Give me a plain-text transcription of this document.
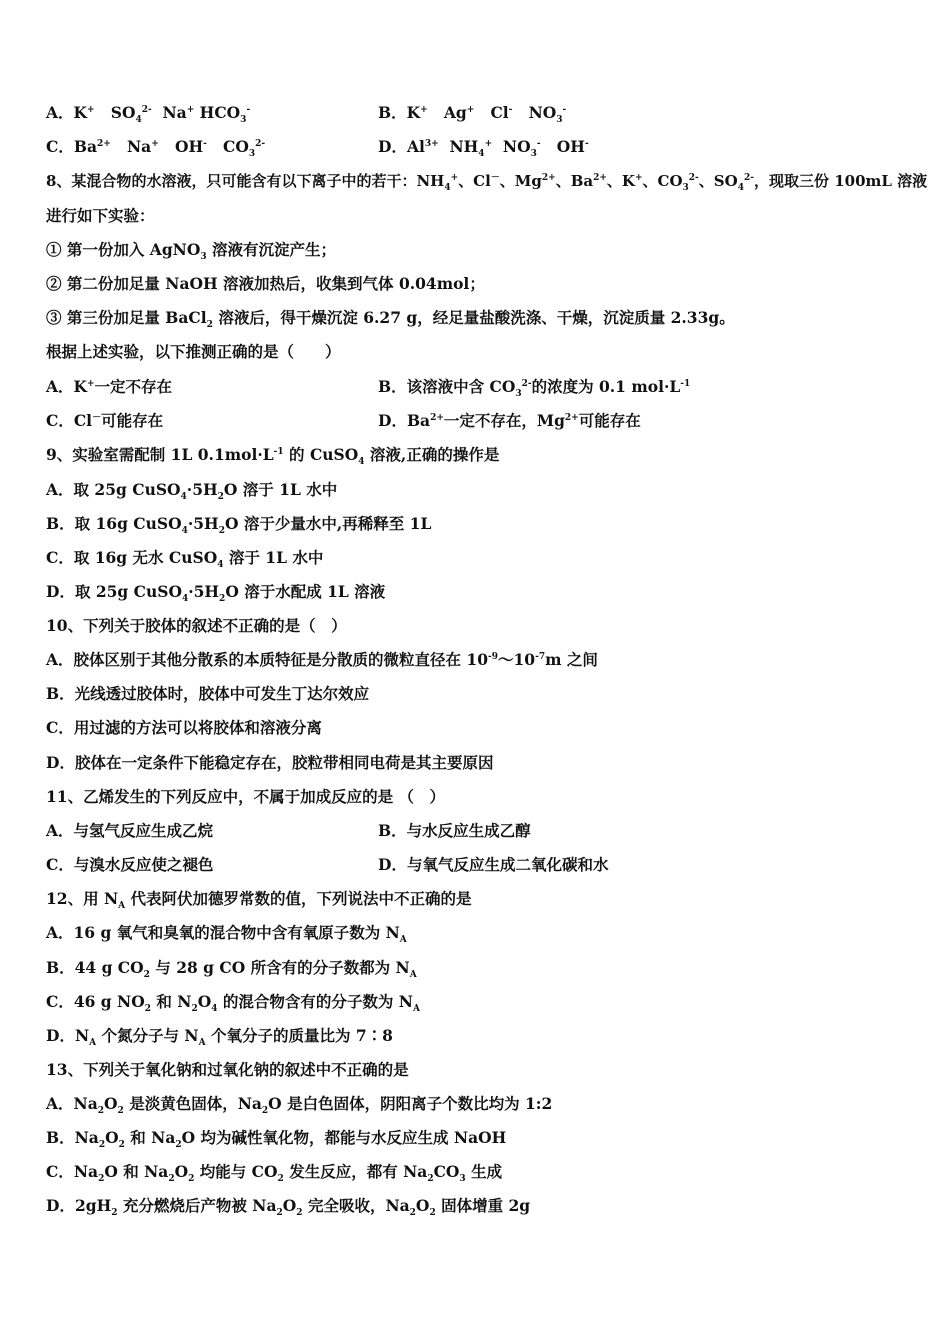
A．K+   $SO_4^{2-}$  Na+ $HCO_3^-$	B．K+   Ag+   Cl-   $NO_3^-$
C．$Ba^{2+}$   Na+   OH-   $CO_3^{2-}$	D．$Al^{3+}$  $NH_4^+$  $NO_3^-$   OH-
8、某混合物的水溶液，只可能含有以下离子中的若干：$NH_4^+$、Cl－、$Mg^{2+}$、$Ba^{2+}$、K+、$CO_3^{2-}$、$SO_4^{2-}$，现取三份 100mL 溶液
进行如下实验：
① 第一份加入 AgNO$_3$ 溶液有沉淀产生；
② 第二份加足量 NaOH 溶液加热后，收集到气体 0.04mol；
③ 第三份加足量 BaCl$_2$ 溶液后，得干燥沉淀 6.27 g，经足量盐酸洗涤、干燥，沉淀质量 2.33g。
根据上述实验，以下推测正确的是（　　）
A．K+一定不存在	B．该溶液中含 $CO_3^{2-}$的浓度为 0.1 $mol\cdot L^{-1}$
C．Cl－可能存在	D．$Ba^{2+}$一定不存在，$Mg^{2+}$可能存在
9、实验室需配制 1L $0.1mol\cdot L^{-1}$ 的 CuSO$_4$ 溶液,正确的操作是
A．取 25g $CuSO_4\cdot 5H_2O$ 溶于 1L 水中
B．取 16g $CuSO_4\cdot 5H_2O$ 溶于少量水中,再稀释至 1L
C．取 16g 无水 CuSO$_4$ 溶于 1L 水中
D．取 25g $CuSO_4\cdot 5H_2O$ 溶于水配成 1L 溶液
10、下列关于胶体的叙述不正确的是（　）
A．胶体区别于其他分散系的本质特征是分散质的微粒直径在 $10^{-9}\sim 10^{-7}m$ 之间
B．光线透过胶体时，胶体中可发生丁达尔效应
C．用过滤的方法可以将胶体和溶液分离
D．胶体在一定条件下能稳定存在，胶粒带相同电荷是其主要原因
11、乙烯发生的下列反应中，不属于加成反应的是 （　）
A．与氢气反应生成乙烷	B．与水反应生成乙醇
C．与溴水反应使之褪色	D．与氧气反应生成二氧化碳和水
12、用 $N_A$ 代表阿伏加德罗常数的值，下列说法中不正确的是
A．16 g 氧气和臭氧的混合物中含有氧原子数为 $N_A$
B．44 g $CO_2$ 与 28 g CO 所含有的分子数都为 $N_A$
C．46 g $NO_2$ 和 $N_2O_4$ 的混合物含有的分子数为 $N_A$
D．$N_A$ 个氮分子与 $N_A$ 个氧分子的质量比为 7∶8
13、下列关于氧化钠和过氧化钠的叙述中不正确的是
A．$Na_2O_2$ 是淡黄色固体，$Na_2O$ 是白色固体，阴阳离子个数比均为 1:2
B．$Na_2O_2$ 和 $Na_2O$ 均为碱性氧化物，都能与水反应生成 NaOH
C．$Na_2O$ 和 $Na_2O_2$ 均能与 $CO_2$ 发生反应，都有 $Na_2CO_3$ 生成
D．$2gH_2$ 充分燃烧后产物被 $Na_2O_2$ 完全吸收，$Na_2O_2$ 固体增重 2g
